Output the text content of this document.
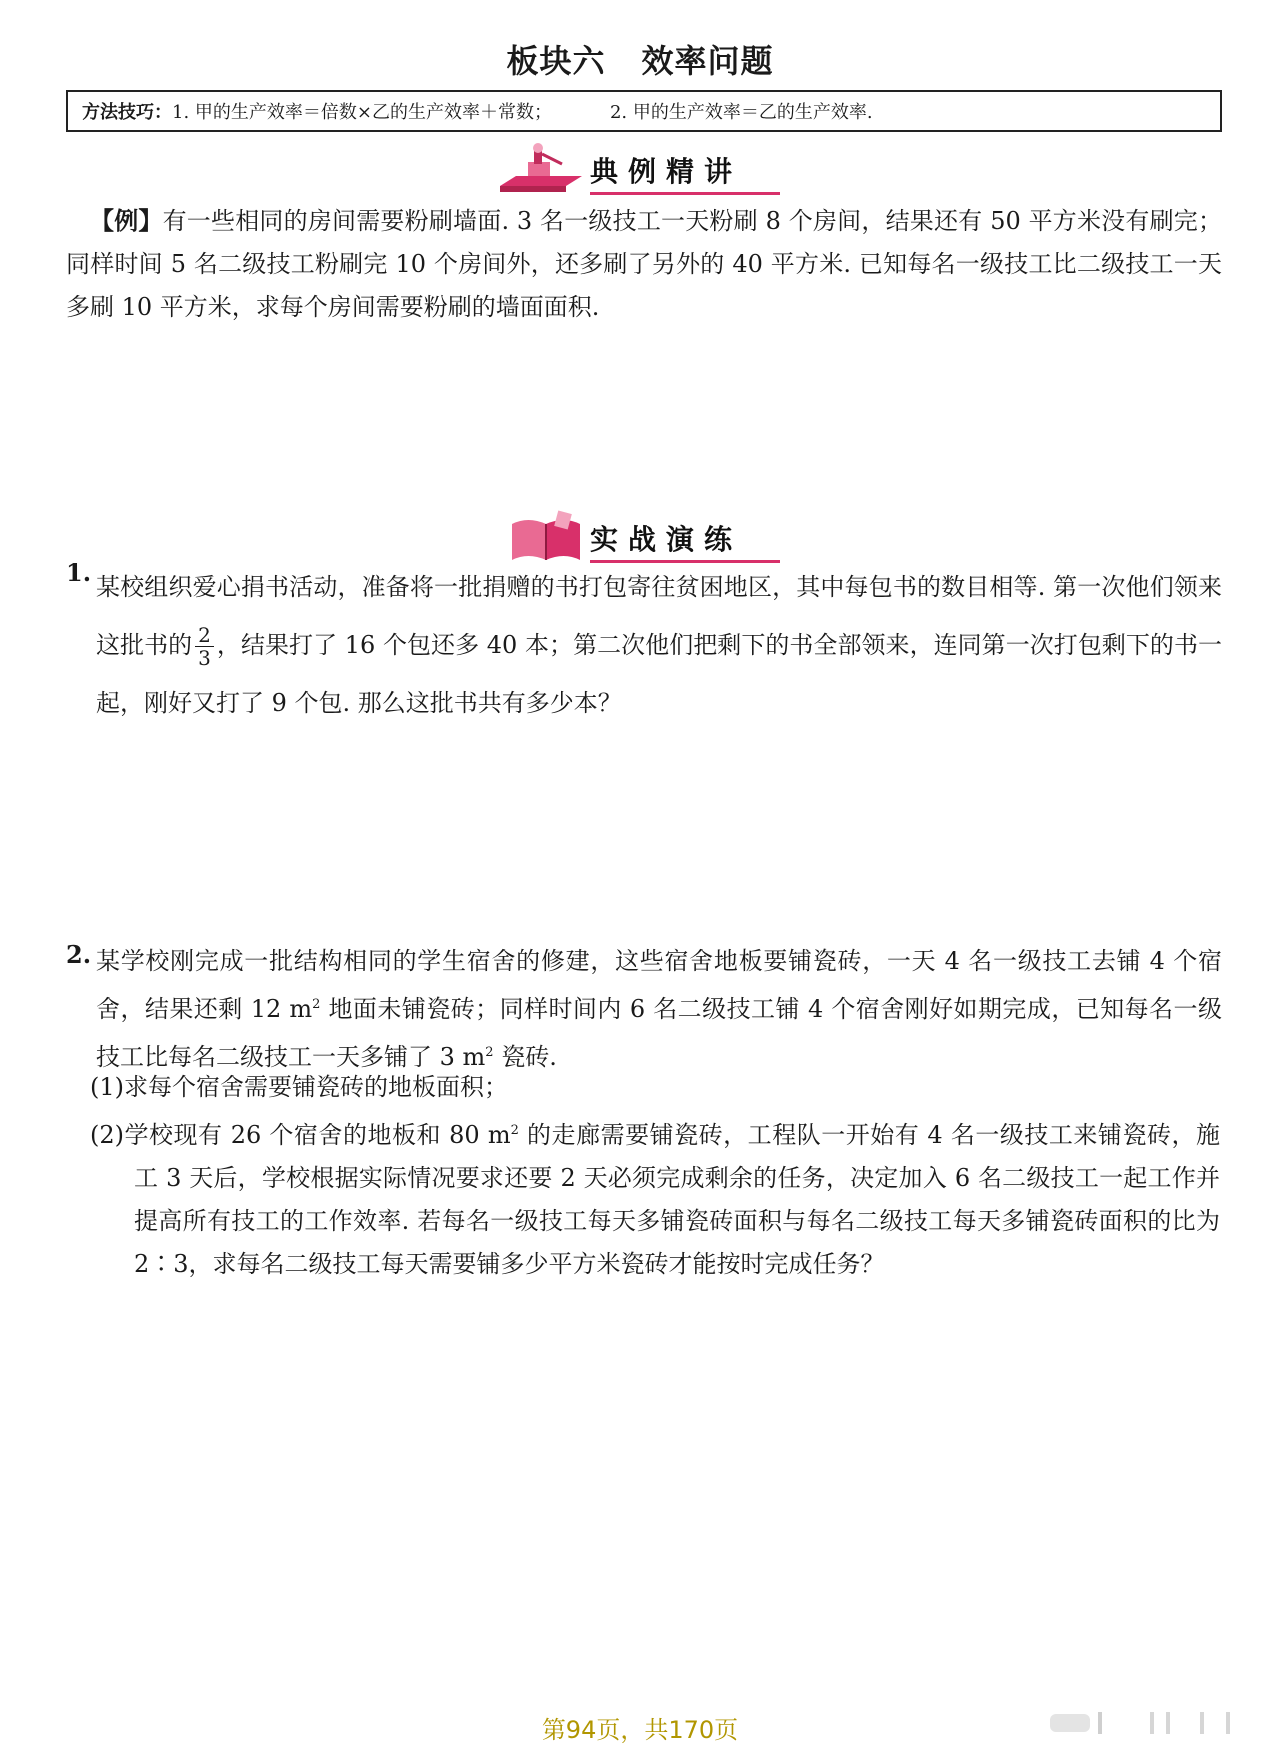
板块六 效率问题
方法技巧： 1. 甲的生产效率＝倍数×乙的生产效率＋常数；	2. 甲的生产效率＝乙的生产效率.
典例精讲
【例】有一些相同的房间需要粉刷墙面. 3 名一级技工一天粉刷 8 个房间，结果还有 50 平方米没有刷完；同样时间 5 名二级技工粉刷完 10 个房间外，还多刷了另外的 40 平方米. 已知每名一级技工比二级技工一天多刷 10 平方米，求每个房间需要粉刷的墙面面积.
实战演练
1. 某校组织爱心捐书活动，准备将一批捐赠的书打包寄往贫困地区，其中每包书的数目相等. 第一次他们领来这批书的 $\frac{2}{3}$ ，结果打了 16 个包还多 40 本；第二次他们把剩下的书全部领来，连同第一次打包剩下的书一起，刚好又打了 9 个包. 那么这批书共有多少本？
2. 某学校刚完成一批结构相同的学生宿舍的修建，这些宿舍地板要铺瓷砖，一天 4 名一级技工去铺 4 个宿舍，结果还剩 12 $m^2$ 地面未铺瓷砖；同样时间内 6 名二级技工铺 4 个宿舍刚好如期完成，已知每名一级技工比每名二级技工一天多铺了 3 $m^2$ 瓷砖.
(1)求每个宿舍需要铺瓷砖的地板面积；
(2)学校现有 26 个宿舍的地板和 80 $m^2$ 的走廊需要铺瓷砖，工程队一开始有 4 名一级技工来铺瓷砖，施工 3 天后，学校根据实际情况要求还要 2 天必须完成剩余的任务，决定加入 6 名二级技工一起工作并提高所有技工的工作效率. 若每名一级技工每天多铺瓷砖面积与每名二级技工每天多铺瓷砖面积的比为 2∶3，求每名二级技工每天需要铺多少平方米瓷砖才能按时完成任务？
第94页，共170页
